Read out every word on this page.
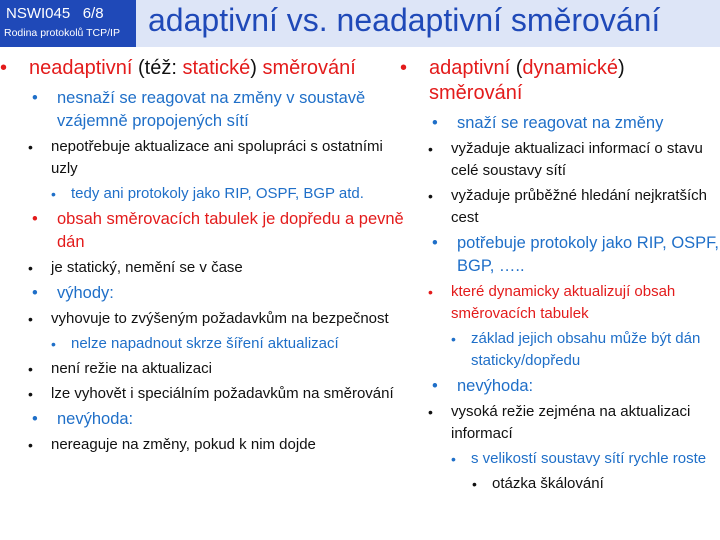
NSWI045 6/8
Rodina protokolů TCP/IP adaptivní vs. neadaptivní směrování
• neadaptivní (též: statické) směrování
• nesnaží se reagovat na změny v soustavě vzájemně propojených sítí
• nepotřebuje aktualizace ani spolupráci s ostatními uzly
• tedy ani protokoly jako RIP, OSPF, BGP atd.
• obsah směrovacích tabulek je dopředu a pevně dán
• je statický, nemění se v čase
• výhody:
• vyhovuje to zvýšeným požadavkům na bezpečnost
• nelze napadnout skrze šíření aktualizací
• není režie na aktualizaci
• lze vyhovět i speciálním požadavkům na směrování
• nevýhoda:
• nereaguje na změny, pokud k nim dojde
• adaptivní (dynamické) směrování
• snaží se reagovat na změny
• vyžaduje aktualizaci informací o stavu celé soustavy sítí
• vyžaduje průběžné hledání nejkratších cest
• potřebuje protokoly jako RIP, OSPF, BGP, …..
• které dynamicky aktualizují obsah směrovacích tabulek
• základ jejich obsahu může být dán staticky/dopředu
• nevýhoda:
• vysoká režie zejména na aktualizaci informací
• s velikostí soustavy sítí rychle roste
• otázka škálování
